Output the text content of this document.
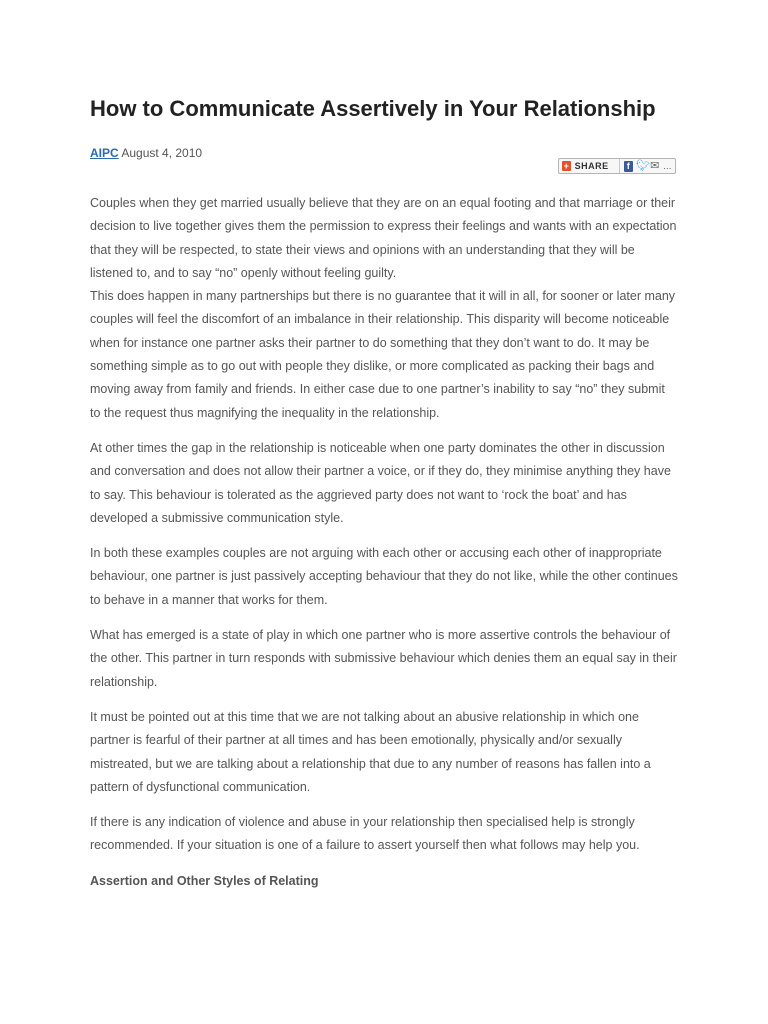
How to Communicate Assertively in Your Relationship
AIPC August 4, 2010
+ SHARE	f 🐦︎ ✉ …

Couples when they get married usually believe that they are on an equal footing and that marriage or their decision to live together gives them the permission to express their feelings and wants with an expectation that they will be respected, to state their views and opinions with an understanding that they will be listened to, and to say “no” openly without feeling guilty.

This does happen in many partnerships but there is no guarantee that it will in all, for sooner or later many couples will feel the discomfort of an imbalance in their relationship. This disparity will become noticeable when for instance one partner asks their partner to do something that they don’t want to do. It may be something simple as to go out with people they dislike, or more complicated as packing their bags and moving away from family and friends. In either case due to one partner’s inability to say “no” they submit to the request thus magnifying the inequality in the relationship.

At other times the gap in the relationship is noticeable when one party dominates the other in discussion and conversation and does not allow their partner a voice, or if they do, they minimise anything they have to say. This behaviour is tolerated as the aggrieved party does not want to ‘rock the boat’ and has developed a submissive communication style.

In both these examples couples are not arguing with each other or accusing each other of inappropriate behaviour, one partner is just passively accepting behaviour that they do not like, while the other continues to behave in a manner that works for them.

What has emerged is a state of play in which one partner who is more assertive controls the behaviour of the other. This partner in turn responds with submissive behaviour which denies them an equal say in their relationship.

It must be pointed out at this time that we are not talking about an abusive relationship in which one partner is fearful of their partner at all times and has been emotionally, physically and/or sexually mistreated, but we are talking about a relationship that due to any number of reasons has fallen into a pattern of dysfunctional communication.

If there is any indication of violence and abuse in your relationship then specialised help is strongly recommended. If your situation is one of a failure to assert yourself then what follows may help you.

Assertion and Other Styles of Relating
